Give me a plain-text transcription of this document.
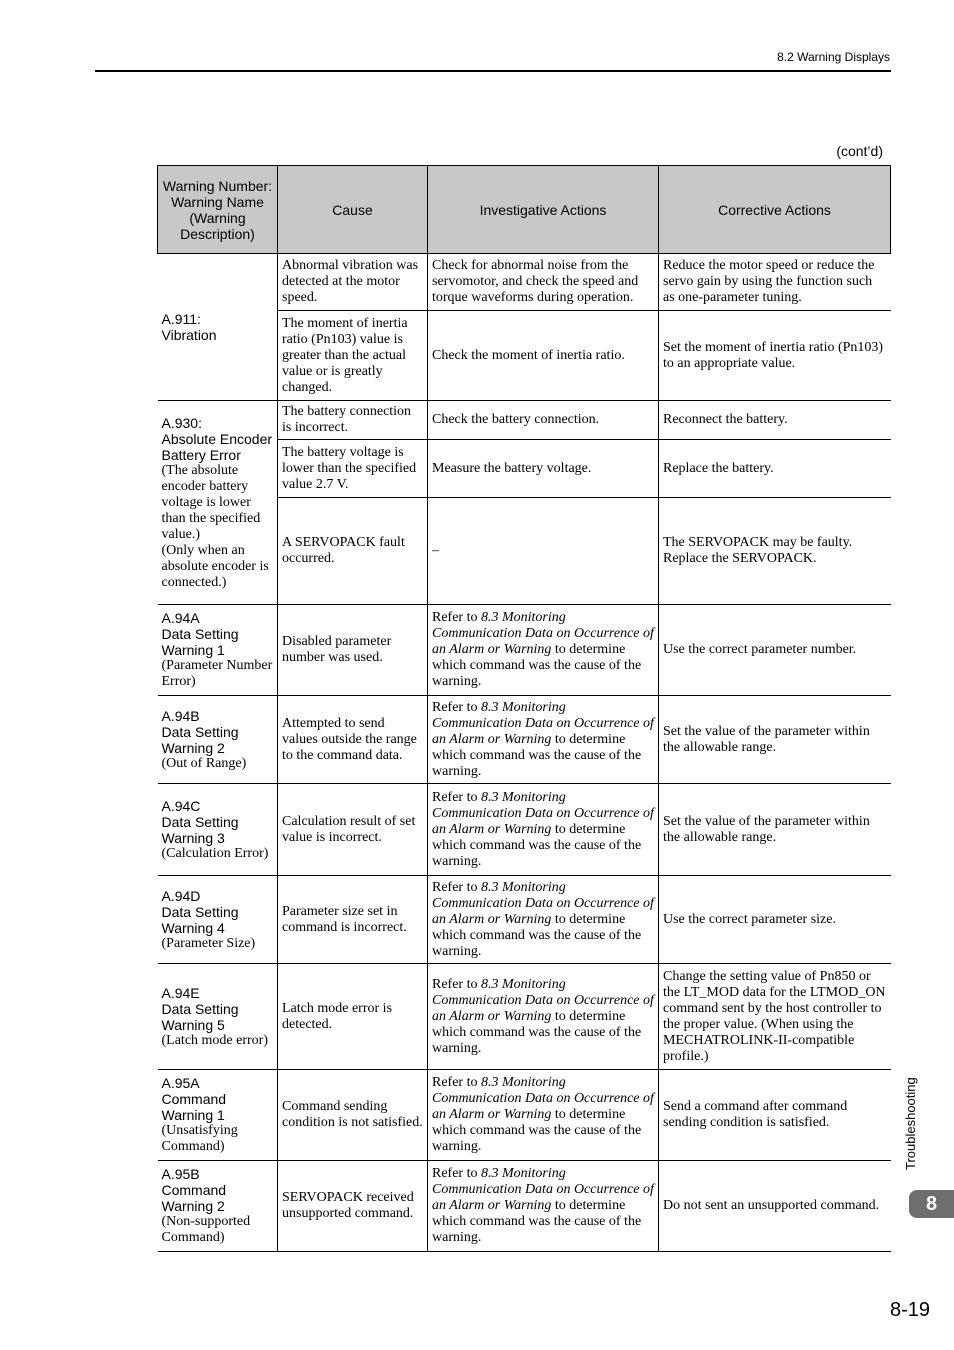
8.2 Warning Displays
(cont’d)
Warning Number: Warning Name (Warning Description)	Cause	Investigative Actions	Corrective Actions

A.911:
Vibration	Abnormal vibration was detected at the motor speed.	Check for abnormal noise from the servomotor, and check the speed and torque waveforms during operation.	Reduce the motor speed or reduce the servo gain by using the function such as one-parameter tuning.
	The moment of inertia ratio (Pn103) value is greater than the actual value or is greatly changed.	Check the moment of inertia ratio.	Set the moment of inertia ratio (Pn103) to an appropriate value.

A.930:
Absolute Encoder Battery Error
(The absolute encoder battery voltage is lower than the specified value.)
(Only when an absolute encoder is connected.)	The battery connection is incorrect.	Check the battery connection.	Reconnect the battery.
	The battery voltage is lower than the specified value 2.7 V.	Measure the battery voltage.	Replace the battery.
	A SERVOPACK fault occurred.	–	The SERVOPACK may be faulty. Replace the SERVOPACK.

A.94A
Data Setting Warning 1
(Parameter Number Error)	Disabled parameter number was used.	Refer to 8.3 Monitoring Communication Data on Occurrence of an Alarm or Warning to determine which command was the cause of the warning.	Use the correct parameter number.

A.94B
Data Setting Warning 2
(Out of Range)	Attempted to send values outside the range to the command data.	Refer to 8.3 Monitoring Communication Data on Occurrence of an Alarm or Warning to determine which command was the cause of the warning.	Set the value of the parameter within the allowable range.

A.94C
Data Setting Warning 3
(Calculation Error)	Calculation result of set value is incorrect.	Refer to 8.3 Monitoring Communication Data on Occurrence of an Alarm or Warning to determine which command was the cause of the warning.	Set the value of the parameter within the allowable range.

A.94D
Data Setting Warning 4
(Parameter Size)	Parameter size set in command is incorrect.	Refer to 8.3 Monitoring Communication Data on Occurrence of an Alarm or Warning to determine which command was the cause of the warning.	Use the correct parameter size.

A.94E
Data Setting Warning 5
(Latch mode error)	Latch mode error is detected.	Refer to 8.3 Monitoring Communication Data on Occurrence of an Alarm or Warning to determine which command was the cause of the warning.	Change the setting value of Pn850 or the LT_MOD data for the LTMOD_ON command sent by the host controller to the proper value. (When using the MECHATROLINK-II-compatible profile.)

A.95A
Command Warning 1
(Unsatisfying Command)	Command sending condition is not satisfied.	Refer to 8.3 Monitoring Communication Data on Occurrence of an Alarm or Warning to determine which command was the cause of the warning.	Send a command after command sending condition is satisfied.

A.95B
Command Warning 2
(Non-supported Command)	SERVOPACK received unsupported command.	Refer to 8.3 Monitoring Communication Data on Occurrence of an Alarm or Warning to determine which command was the cause of the warning.	Do not sent an unsupported command.
Troubleshooting
8
8-19
